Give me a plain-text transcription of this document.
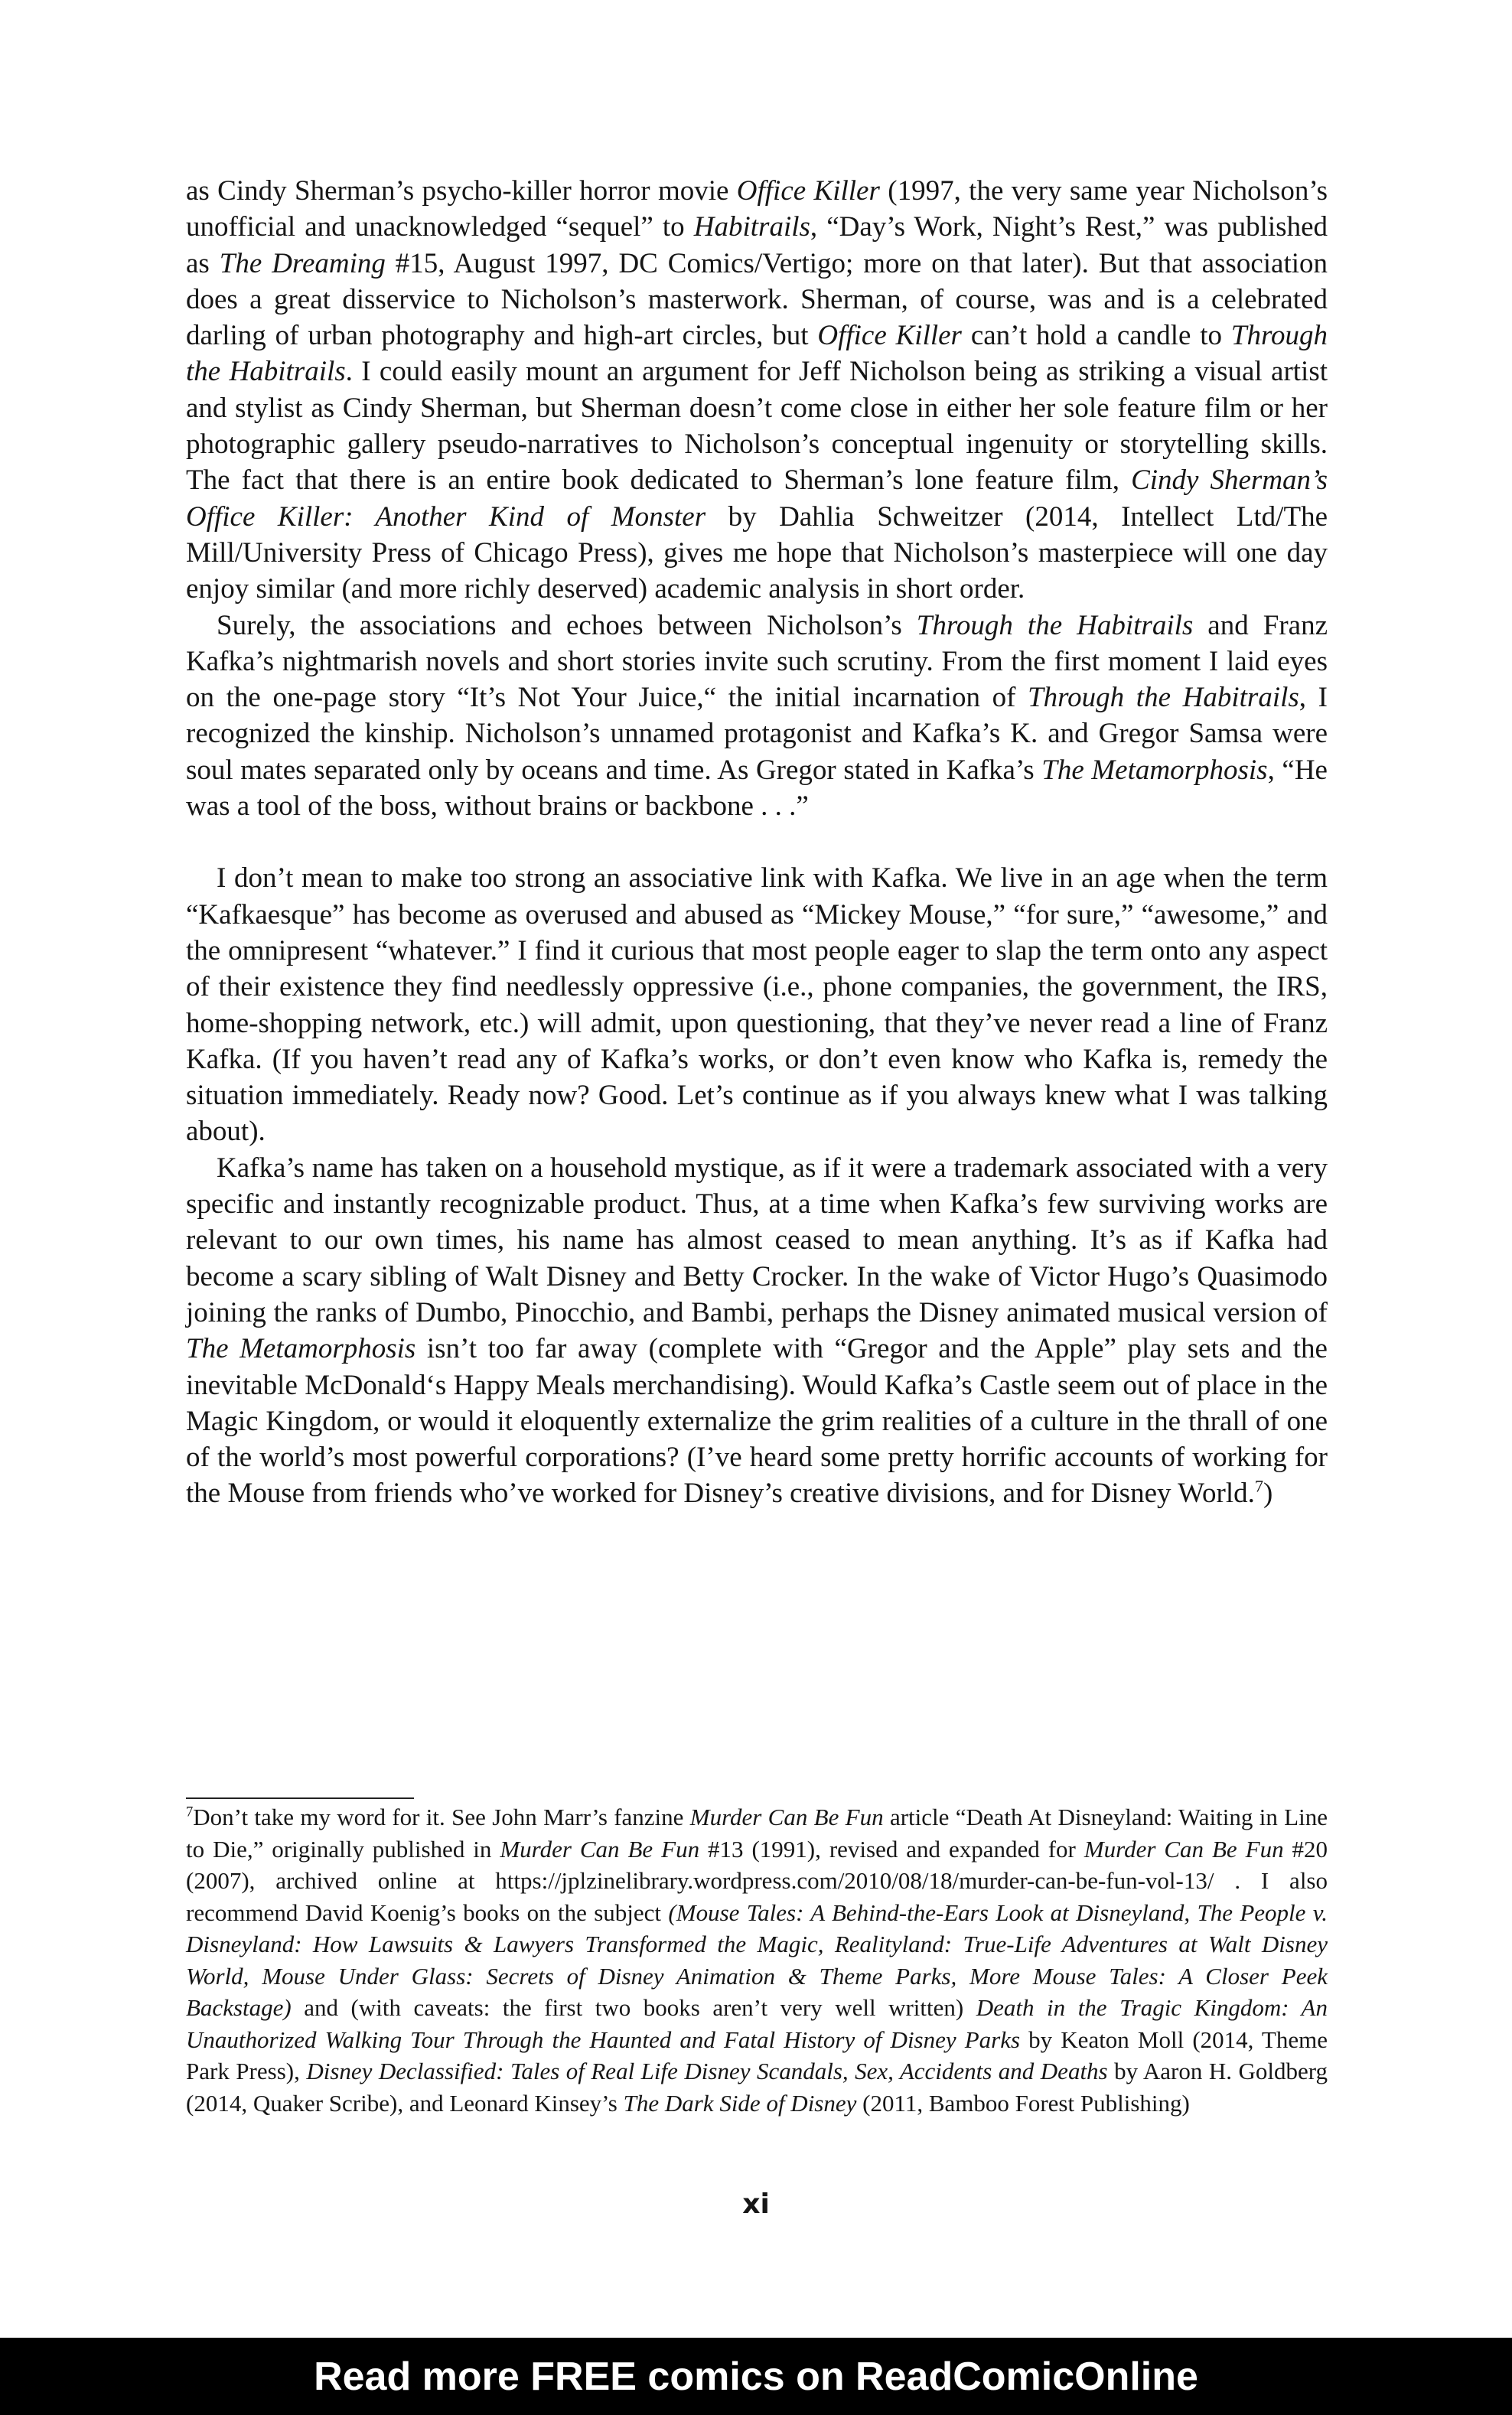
as Cindy Sherman’s psycho-killer horror movie Office Killer (1997, the very same year Nicholson’s unofficial and unacknowledged “sequel” to Habitrails, “Day’s Work, Night’s Rest,” was published as The Dreaming #15, August 1997, DC Comics/Vertigo; more on that later). But that association does a great disservice to Nicholson’s masterwork. Sherman, of course, was and is a celebrated darling of urban photography and high-art circles, but Office Killer can’t hold a candle to Through the Habitrails. I could easily mount an argument for Jeff Nicholson being as striking a visual artist and stylist as Cindy Sherman, but Sherman doesn’t come close in either her sole feature film or her photographic gallery pseudo-narratives to Nicholson’s conceptual ingenuity or storytelling skills. The fact that there is an entire book dedicated to Sherman’s lone feature film, Cindy Sherman’s Office Killer: Another Kind of Monster by Dahlia Schweitzer (2014, Intellect Ltd/The Mill/University Press of Chicago Press), gives me hope that Nicholson’s masterpiece will one day enjoy similar (and more richly deserved) academic analysis in short order.

Surely, the associations and echoes between Nicholson’s Through the Habitrails and Franz Kafka’s nightmarish novels and short stories invite such scrutiny. From the first moment I laid eyes on the one-page story “It’s Not Your Juice,“ the initial incarnation of Through the Habitrails, I recognized the kinship. Nicholson’s unnamed protagonist and Kafka’s K. and Gregor Samsa were soul mates separated only by oceans and time. As Gregor stated in Kafka’s The Metamorphosis, “He was a tool of the boss, without brains or backbone . . .”

I don’t mean to make too strong an associative link with Kafka. We live in an age when the term “Kafkaesque” has become as overused and abused as “Mickey Mouse,” “for sure,” “awesome,” and the omnipresent “whatever.” I find it curious that most people eager to slap the term onto any aspect of their existence they find needlessly oppressive (i.e., phone companies, the government, the IRS, home-shopping network, etc.) will admit, upon questioning, that they’ve never read a line of Franz Kafka. (If you haven’t read any of Kafka’s works, or don’t even know who Kafka is, remedy the situation immediately. Ready now? Good. Let’s continue as if you always knew what I was talking about).

Kafka’s name has taken on a household mystique, as if it were a trademark associated with a very specific and instantly recognizable product. Thus, at a time when Kafka’s few surviving works are relevant to our own times, his name has almost ceased to mean anything. It’s as if Kafka had become a scary sibling of Walt Disney and Betty Crocker. In the wake of Victor Hugo’s Quasimodo joining the ranks of Dumbo, Pinocchio, and Bambi, perhaps the Disney animated musical version of The Metamorphosis isn’t too far away (complete with “Gregor and the Apple” play sets and the inevitable McDonald‘s Happy Meals merchandising). Would Kafka’s Castle seem out of place in the Magic Kingdom, or would it eloquently externalize the grim realities of a culture in the thrall of one of the world’s most powerful corporations? (I’ve heard some pretty horrific accounts of working for the Mouse from friends who’ve worked for Disney’s creative divisions, and for Disney World.$^7$)

$^7$Don’t take my word for it. See John Marr’s fanzine Murder Can Be Fun article “Death At Disneyland: Waiting in Line to Die,” originally published in Murder Can Be Fun #13 (1991), revised and expanded for Murder Can Be Fun #20 (2007), archived online at https://jplzinelibrary.wordpress.com/2010/08/18/murder-can-be-fun-vol-13/ . I also recommend David Koenig’s books on the subject (Mouse Tales: A Behind-the-Ears Look at Disneyland, The People v. Disneyland: How Lawsuits & Lawyers Transformed the Magic, Realityland: True-Life Adventures at Walt Disney World, Mouse Under Glass: Secrets of Disney Animation & Theme Parks, More Mouse Tales: A Closer Peek Backstage) and (with caveats: the first two books aren’t very well written) Death in the Tragic Kingdom: An Unauthorized Walking Tour Through the Haunted and Fatal History of Disney Parks by Keaton Moll (2014, Theme Park Press), Disney Declassified: Tales of Real Life Disney Scandals, Sex, Accidents and Deaths by Aaron H. Goldberg (2014, Quaker Scribe), and Leonard Kinsey’s The Dark Side of Disney (2011, Bamboo Forest Publishing)
xi
Read more FREE comics on ReadComicOnline
